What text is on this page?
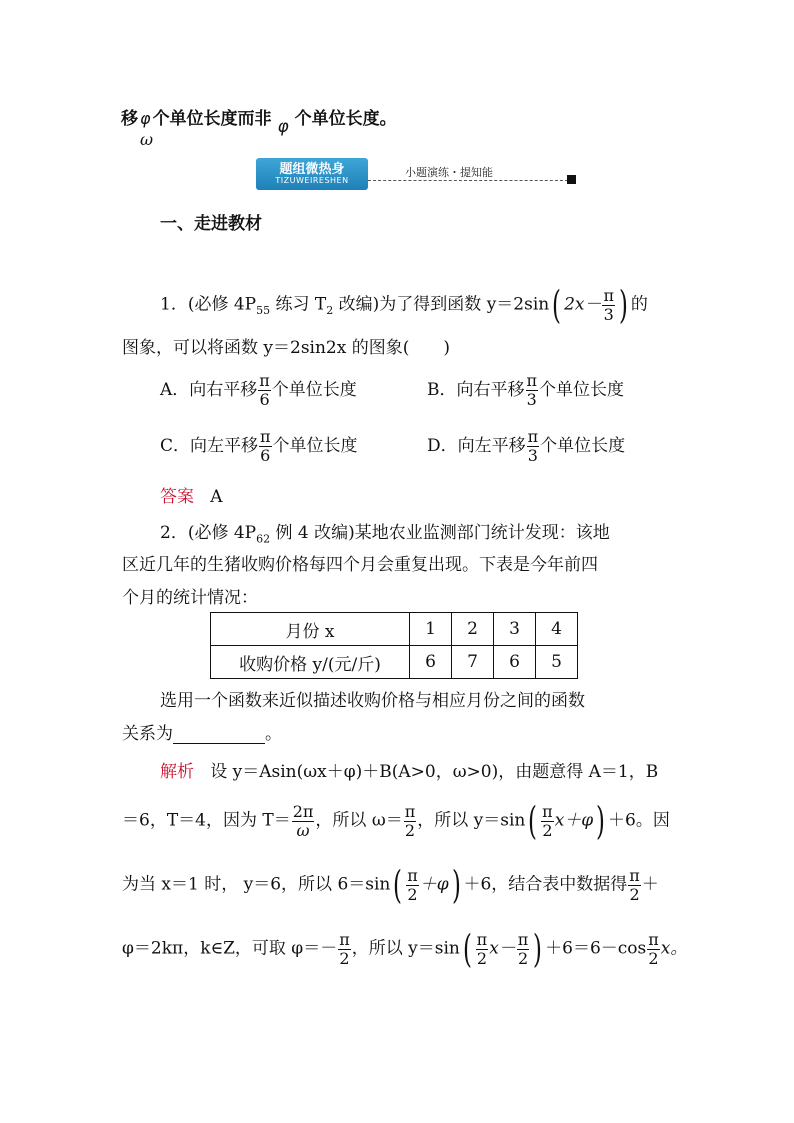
移 φ 个单位长度而非 φ 个单位长度。
ω
题组微热身
TIZUWEIRESHEN
小题演练・提知能
一、走进教材
1．(必修 $4P_{55}$ 练习 $T_2$ 改编)为了得到函数 y＝2sin( $2x- \frac{\pi}{3}$ ) 的
图象，可以将函数 y＝2sin2x 的图象(　　)
A．向右平移 $\frac{\pi}{6}$ 个单位长度	B．向右平移 $\frac{\pi}{3}$ 个单位长度
C．向左平移 $\frac{\pi}{6}$ 个单位长度	D．向左平移 $\frac{\pi}{3}$ 个单位长度
答案 A
2．(必修 $4P_{62}$ 例 4 改编)某地农业监测部门统计发现：该地
区近几年的生猪收购价格每四个月会重复出现。下表是今年前四
个月的统计情况：
月份 x	1	2	3	4
收购价格 y/(元/斤)	6	7	6	5
选用一个函数来近似描述收购价格与相应月份之间的函数
关系为	。
解析 设 y＝Asin(ωx＋φ)＋B(A>0，ω>0)，由题意得 A＝1，B
＝6，T＝4，因为 $T= \frac{2\pi}{\omega}$ ，所以 $\omega= \frac{\pi}{2}$ ，所以 $y=\sin( \frac{\pi}{2} x+\varphi) +6$。因
为当 x＝1 时， y＝6，所以 $6=\sin( \frac{\pi}{2} +\varphi) +6$，结合表中数据得 $\frac{\pi}{2}$ ＋
φ＝2kπ，k∈Z，可取 $\varphi=- \frac{\pi}{2}$ ，所以 $y=\sin( \frac{\pi}{2} x- \frac{\pi}{2}$ ) $+6=6-\cos \frac{\pi}{2}$ x。
